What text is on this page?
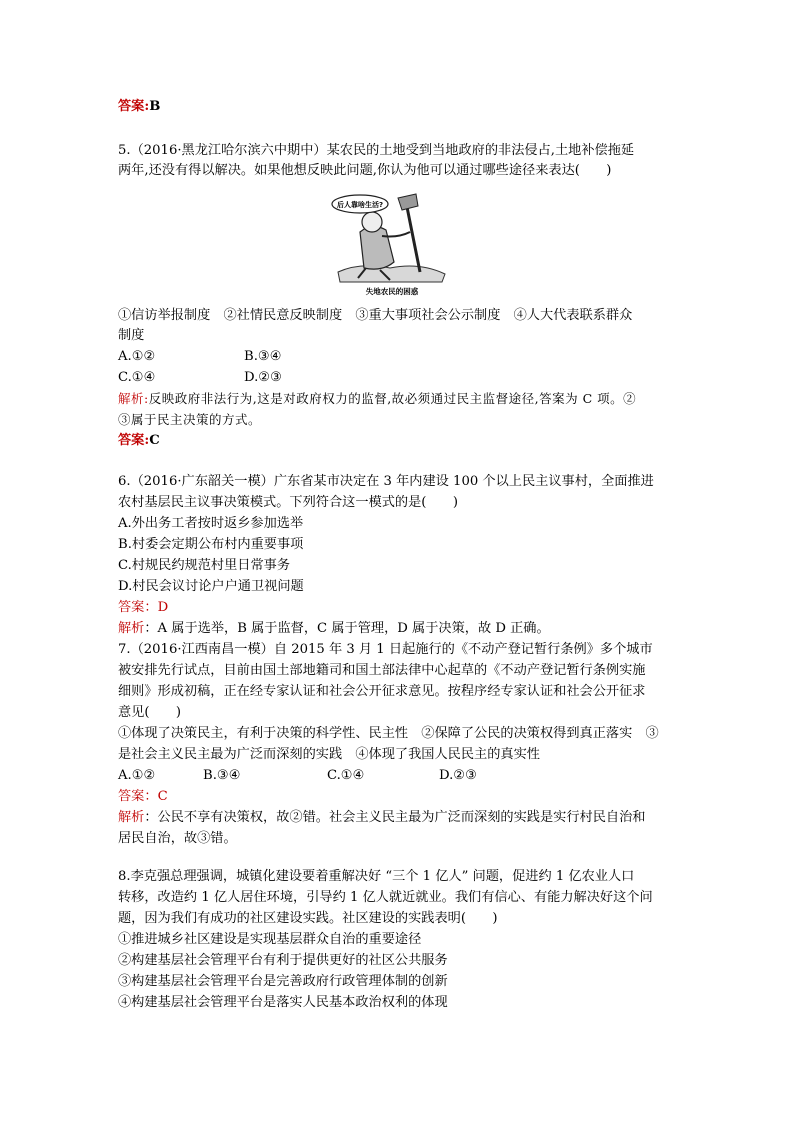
答案:B
5.（2016·黑龙江哈尔滨六中期中）某农民的土地受到当地政府的非法侵占,土地补偿拖延
两年,还没有得以解决。如果他想反映此问题,你认为他可以通过哪些途径来表达(　　)
后人靠啥生活?
失地农民的困惑
①信访举报制度　②社情民意反映制度　③重大事项社会公示制度　④人大代表联系群众
制度
A.①②	B.③④
C.①④	D.②③
解析:反映政府非法行为,这是对政府权力的监督,故必须通过民主监督途径,答案为 C 项。②
③属于民主决策的方式。
答案:C
6.（2016·广东韶关一模）广东省某市决定在 3 年内建设 100 个以上民主议事村，全面推进
农村基层民主议事决策模式。下列符合这一模式的是(　　)
A.外出务工者按时返乡参加选举
B.村委会定期公布村内重要事项
C.村规民约规范村里日常事务
D.村民会议讨论户户通卫视问题
答案：D
解析：A 属于选举，B 属于监督，C 属于管理，D 属于决策，故 D 正确。
7.（2016·江西南昌一模）自 2015 年 3 月 1 日起施行的《不动产登记暂行条例》多个城市
被安排先行试点，目前由国土部地籍司和国土部法律中心起草的《不动产登记暂行条例实施
细则》形成初稿，正在经专家认证和社会公开征求意见。按程序经专家认证和社会公开征求
意见(　　)
①体现了决策民主，有利于决策的科学性、民主性　②保障了公民的决策权得到真正落实　③
是社会主义民主最为广泛而深刻的实践　④体现了我国人民民主的真实性
A.①②	B.③④	C.①④	D.②③
答案：C
解析：公民不享有决策权，故②错。社会主义民主最为广泛而深刻的实践是实行村民自治和
居民自治，故③错。
8.李克强总理强调，城镇化建设要着重解决好 “三个 1 亿人” 问题，促进约 1 亿农业人口
转移，改造约 1 亿人居住环境，引导约 1 亿人就近就业。我们有信心、有能力解决好这个问
题，因为我们有成功的社区建设实践。社区建设的实践表明(　　)
①推进城乡社区建设是实现基层群众自治的重要途径
②构建基层社会管理平台有利于提供更好的社区公共服务
③构建基层社会管理平台是完善政府行政管理体制的创新
④构建基层社会管理平台是落实人民基本政治权利的体现
